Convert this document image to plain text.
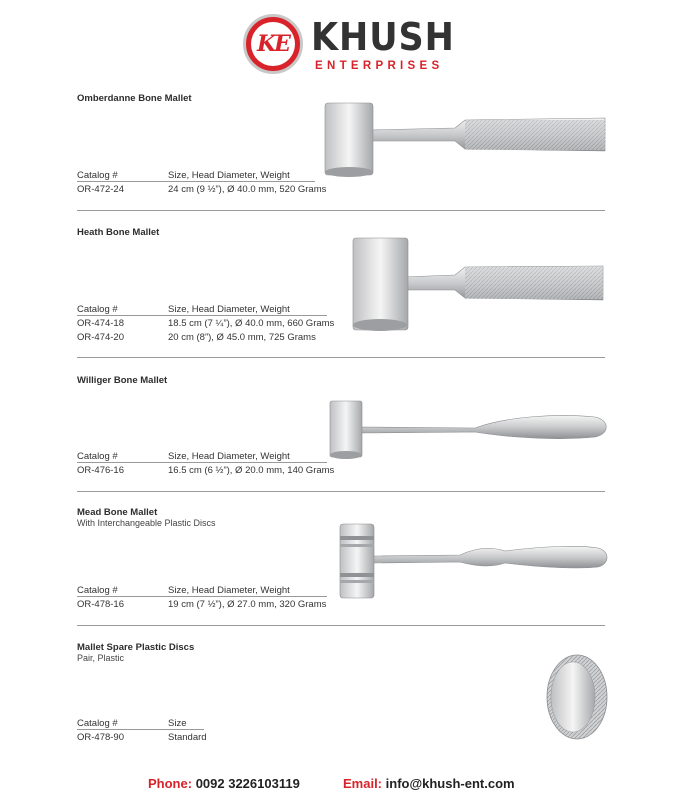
KE KHUSH
ENTERPRISES
Omberdanne Bone Mallet
Catalog #	Size, Head Diameter, Weight
OR-472-24	24 cm (9 ½”), Ø 40.0 mm, 520 Grams
Heath Bone Mallet
Catalog #	Size, Head Diameter, Weight
OR-474-18	18.5 cm (7 ¼”), Ø 40.0 mm, 660 Grams
OR-474-20	20 cm (8”), Ø 45.0 mm, 725 Grams
Williger Bone Mallet
Catalog #	Size, Head Diameter, Weight
OR-476-16	16.5 cm (6 ½”), Ø 20.0 mm, 140 Grams
Mead Bone Mallet
With Interchangeable Plastic Discs
Catalog #	Size, Head Diameter, Weight
OR-478-16	19 cm (7 ½”), Ø 27.0 mm, 320 Grams
Mallet Spare Plastic Discs
Pair, Plastic
Catalog #	Size
OR-478-90	Standard
Phone: 0092 3226103119	Email: info@khush-ent.com
